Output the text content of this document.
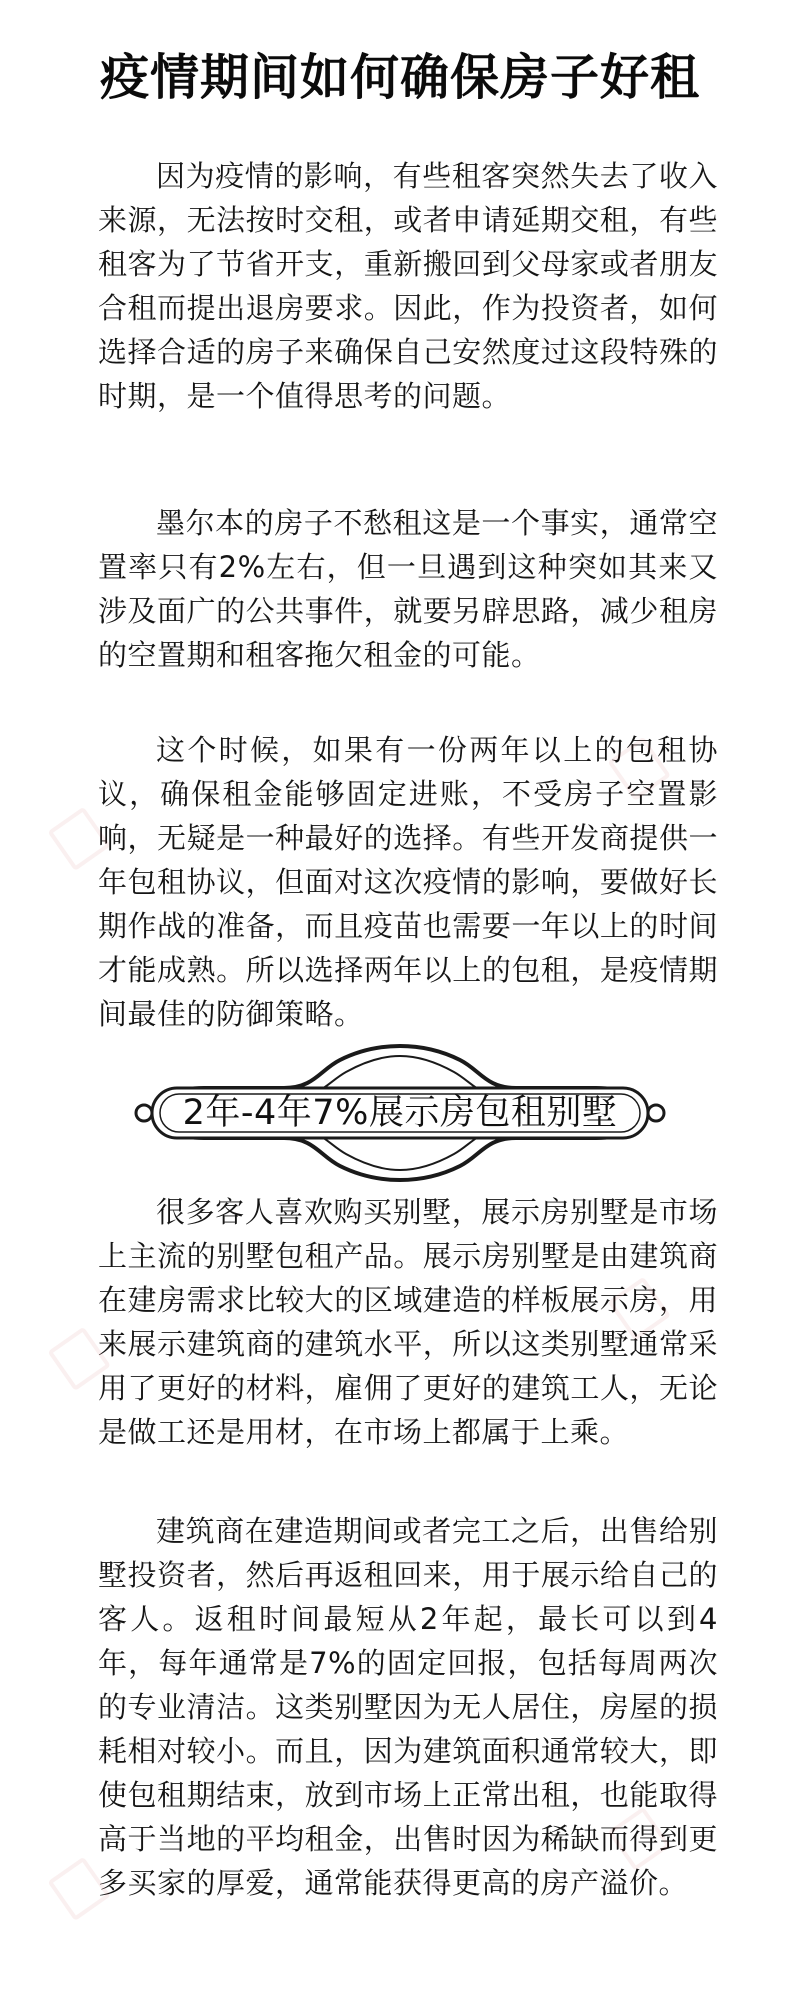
疫情期间如何确保房子好租

因为疫情的影响，有些租客突然失去了收入来源，无法按时交租，或者申请延期交租，有些租客为了节省开支，重新搬回到父母家或者朋友合租而提出退房要求。因此，作为投资者，如何选择合适的房子来确保自己安然度过这段特殊的时期，是一个值得思考的问题。

墨尔本的房子不愁租这是一个事实，通常空置率只有2%左右，但一旦遇到这种突如其来又涉及面广的公共事件，就要另辟思路，减少租房的空置期和租客拖欠租金的可能。

这个时候，如果有一份两年以上的包租协议，确保租金能够固定进账，不受房子空置影响，无疑是一种最好的选择。有些开发商提供一年包租协议，但面对这次疫情的影响，要做好长期作战的准备，而且疫苗也需要一年以上的时间才能成熟。所以选择两年以上的包租，是疫情期间最佳的防御策略。

2年-4年7%展示房包租别墅

很多客人喜欢购买别墅，展示房别墅是市场上主流的别墅包租产品。展示房别墅是由建筑商在建房需求比较大的区域建造的样板展示房，用来展示建筑商的建筑水平，所以这类别墅通常采用了更好的材料，雇佣了更好的建筑工人，无论是做工还是用材，在市场上都属于上乘。

建筑商在建造期间或者完工之后，出售给别墅投资者，然后再返租回来，用于展示给自己的客人。返租时间最短从2年起，最长可以到4年，每年通常是7%的固定回报，包括每周两次的专业清洁。这类别墅因为无人居住，房屋的损耗相对较小。而且，因为建筑面积通常较大，即使包租期结束，放到市场上正常出租，也能取得高于当地的平均租金，出售时因为稀缺而得到更多买家的厚爱，通常能获得更高的房产溢价。
